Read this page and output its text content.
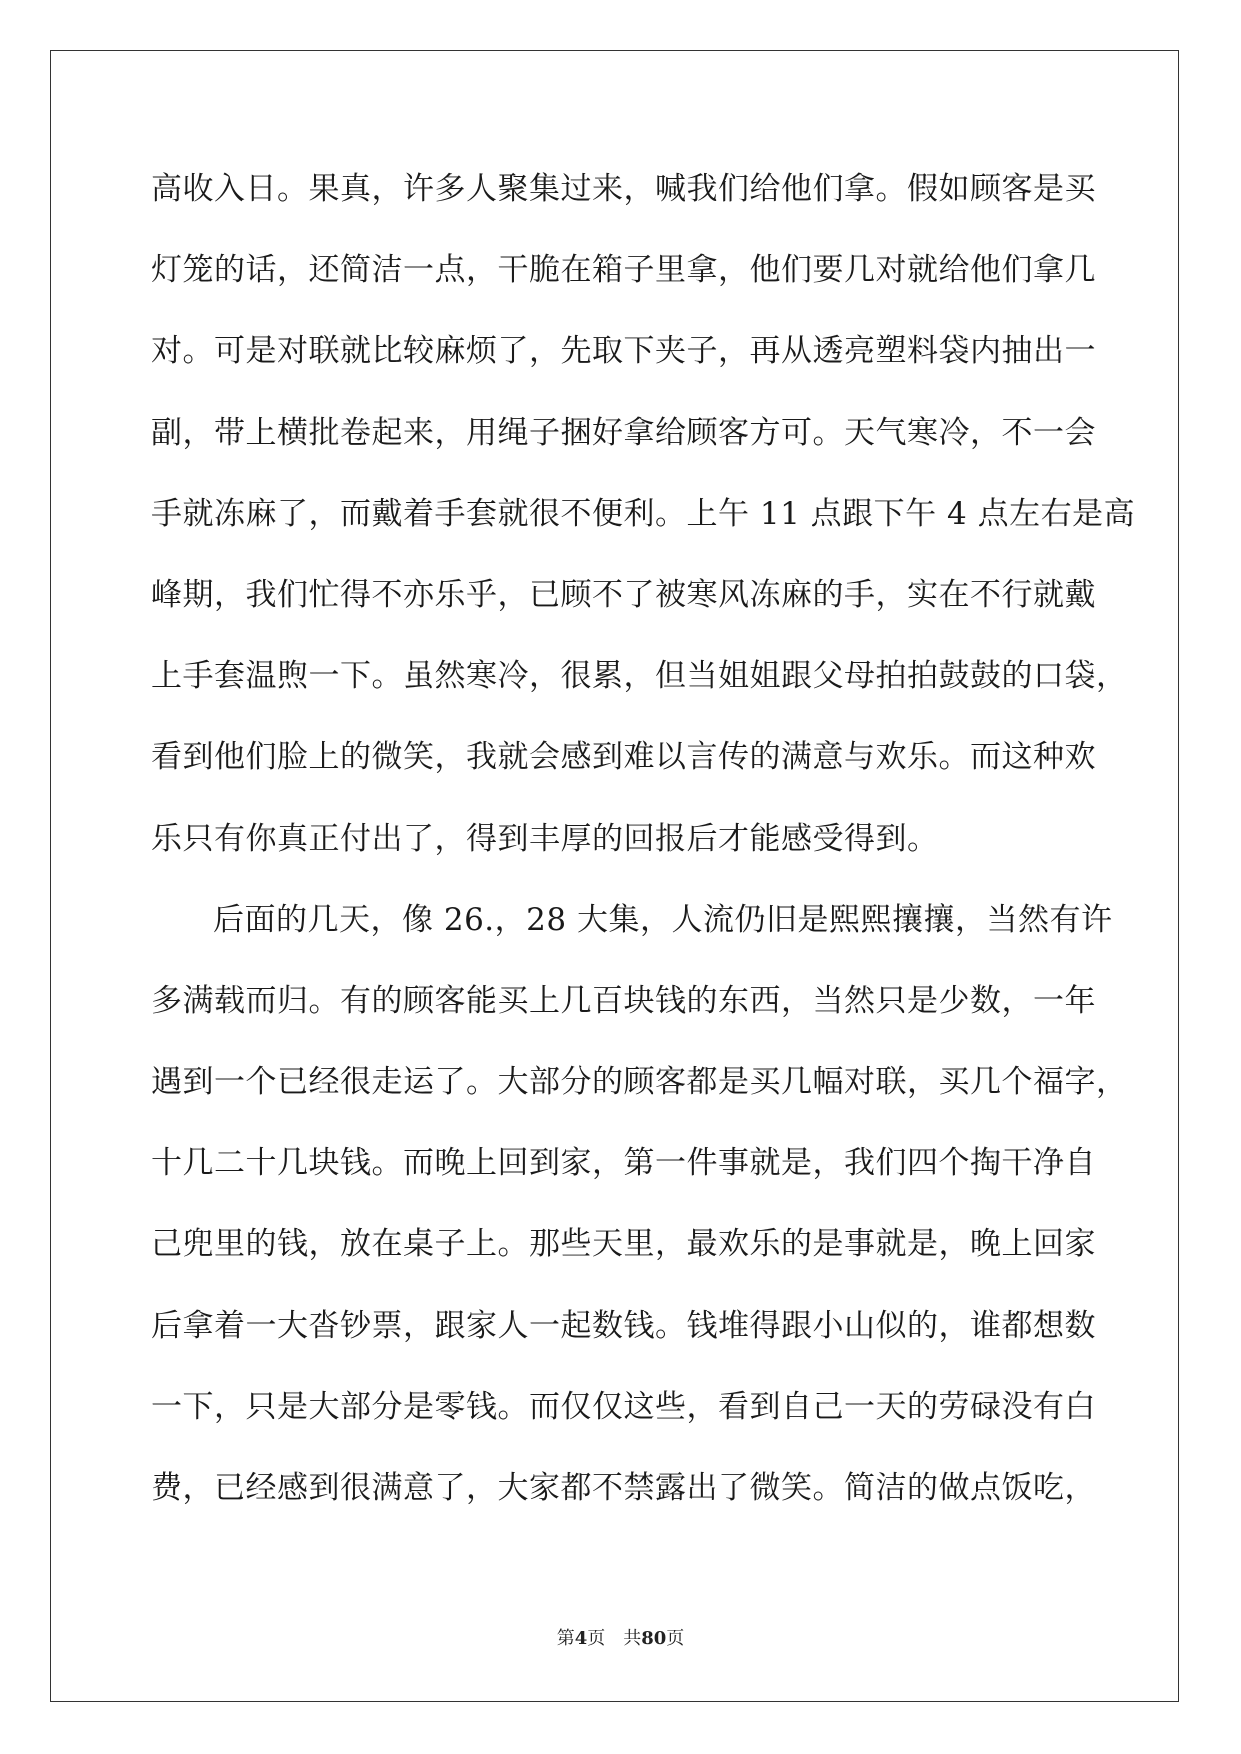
高收入日。果真，许多人聚集过来，喊我们给他们拿。假如顾客是买
灯笼的话，还简洁一点，干脆在箱子里拿，他们要几对就给他们拿几
对。可是对联就比较麻烦了，先取下夹子，再从透亮塑料袋内抽出一
副，带上横批卷起来，用绳子捆好拿给顾客方可。天气寒冷，不一会
手就冻麻了，而戴着手套就很不便利。上午 11 点跟下午 4 点左右是高
峰期，我们忙得不亦乐乎，已顾不了被寒风冻麻的手，实在不行就戴
上手套温煦一下。虽然寒冷，很累，但当姐姐跟父母拍拍鼓鼓的口袋，
看到他们脸上的微笑，我就会感到难以言传的满意与欢乐。而这种欢
乐只有你真正付出了，得到丰厚的回报后才能感受得到。
后面的几天，像 26.，28 大集，人流仍旧是熙熙攘攘，当然有许
多满载而归。有的顾客能买上几百块钱的东西，当然只是少数，一年
遇到一个已经很走运了。大部分的顾客都是买几幅对联，买几个福字，
十几二十几块钱。而晚上回到家，第一件事就是，我们四个掏干净自
己兜里的钱，放在桌子上。那些天里，最欢乐的是事就是，晚上回家
后拿着一大沓钞票，跟家人一起数钱。钱堆得跟小山似的，谁都想数
一下，只是大部分是零钱。而仅仅这些，看到自己一天的劳碌没有白
费，已经感到很满意了，大家都不禁露出了微笑。简洁的做点饭吃，
第4页 共80页
